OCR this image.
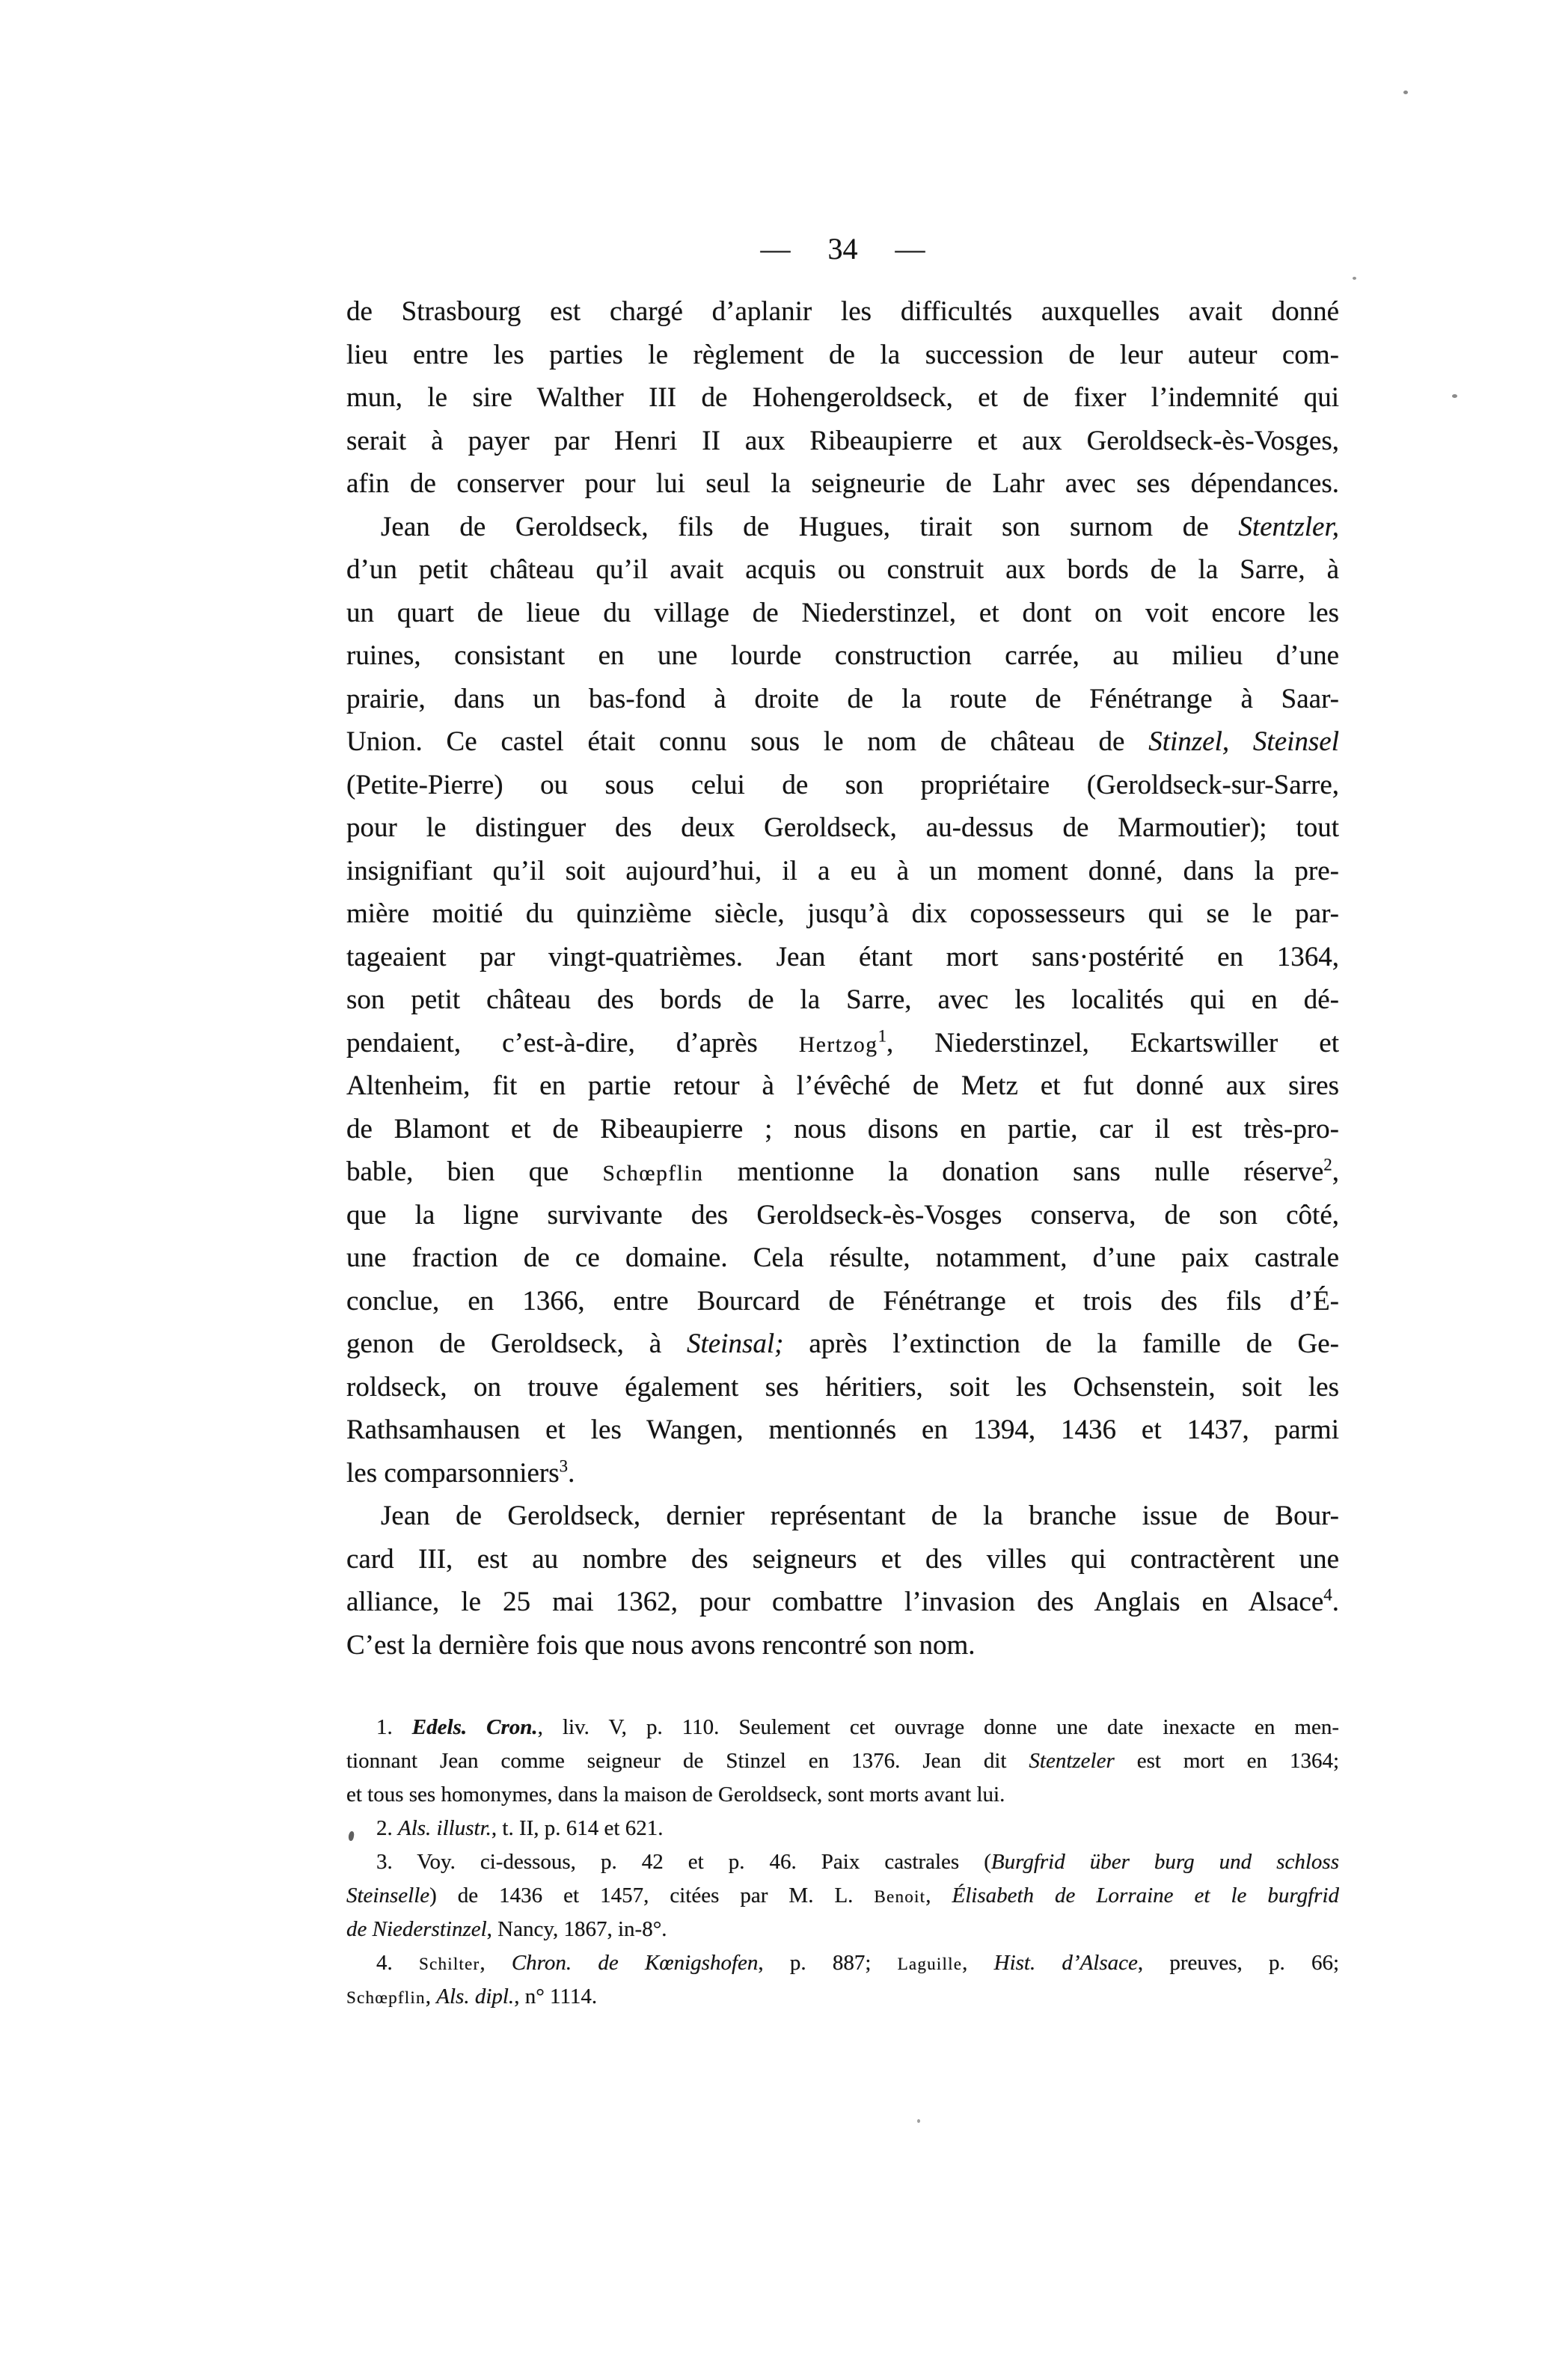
— 34 —
de Strasbourg est chargé d’aplanir les difficultés auxquelles avait donné
lieu entre les parties le règlement de la succession de leur auteur com-
mun, le sire Walther III de Hohengeroldseck, et de fixer l’indemnité qui
serait à payer par Henri II aux Ribeaupierre et aux Geroldseck-ès-Vosges,
afin de conserver pour lui seul la seigneurie de Lahr avec ses dépendances.
Jean de Geroldseck, fils de Hugues, tirait son surnom de Stentzler,
d’un petit château qu’il avait acquis ou construit aux bords de la Sarre, à
un quart de lieue du village de Niederstinzel, et dont on voit encore les
ruines, consistant en une lourde construction carrée, au milieu d’une
prairie, dans un bas-fond à droite de la route de Fénétrange à Saar-
Union. Ce castel était connu sous le nom de château de Stinzel, Steinsel
(Petite-Pierre) ou sous celui de son propriétaire (Geroldseck-sur-Sarre,
pour le distinguer des deux Geroldseck, au-dessus de Marmoutier); tout
insignifiant qu’il soit aujourd’hui, il a eu à un moment donné, dans la pre-
mière moitié du quinzième siècle, jusqu’à dix copossesseurs qui se le par-
tageaient par vingt-quatrièmes. Jean étant mort sans·postérité en 1364,
son petit château des bords de la Sarre, avec les localités qui en dé-
pendaient, c’est-à-dire, d’après Hertzog$^1$, Niederstinzel, Eckartswiller et
Altenheim, fit en partie retour à l’évêché de Metz et fut donné aux sires
de Blamont et de Ribeaupierre ; nous disons en partie, car il est très-pro-
bable, bien que Schœpflin mentionne la donation sans nulle réserve$^2$,
que la ligne survivante des Geroldseck-ès-Vosges conserva, de son côté,
une fraction de ce domaine. Cela résulte, notamment, d’une paix castrale
conclue, en 1366, entre Bourcard de Fénétrange et trois des fils d’É-
genon de Geroldseck, à Steinsal; après l’extinction de la famille de Ge-
roldseck, on trouve également ses héritiers, soit les Ochsenstein, soit les
Rathsamhausen et les Wangen, mentionnés en 1394, 1436 et 1437, parmi
les comparsonniers$^3$.
Jean de Geroldseck, dernier représentant de la branche issue de Bour-
card III, est au nombre des seigneurs et des villes qui contractèrent une
alliance, le 25 mai 1362, pour combattre l’invasion des Anglais en Alsace$^4$.
C’est la dernière fois que nous avons rencontré son nom.
1. Edels. Cron., liv. V, p. 110. Seulement cet ouvrage donne une date inexacte en men-
tionnant Jean comme seigneur de Stinzel en 1376. Jean dit Stentzeler est mort en 1364;
et tous ses homonymes, dans la maison de Geroldseck, sont morts avant lui.
2. Als. illustr., t. II, p. 614 et 621.
3. Voy. ci-dessous, p. 42 et p. 46. Paix castrales (Burgfrid über burg und schloss
Steinselle) de 1436 et 1457, citées par M. L. Benoit, Élisabeth de Lorraine et le burgfrid
de Niederstinzel, Nancy, 1867, in-8°.
4. Schilter, Chron. de Kœnigshofen, p. 887; Laguille, Hist. d’Alsace, preuves, p. 66;
Schœpflin, Als. dipl., n° 1114.
